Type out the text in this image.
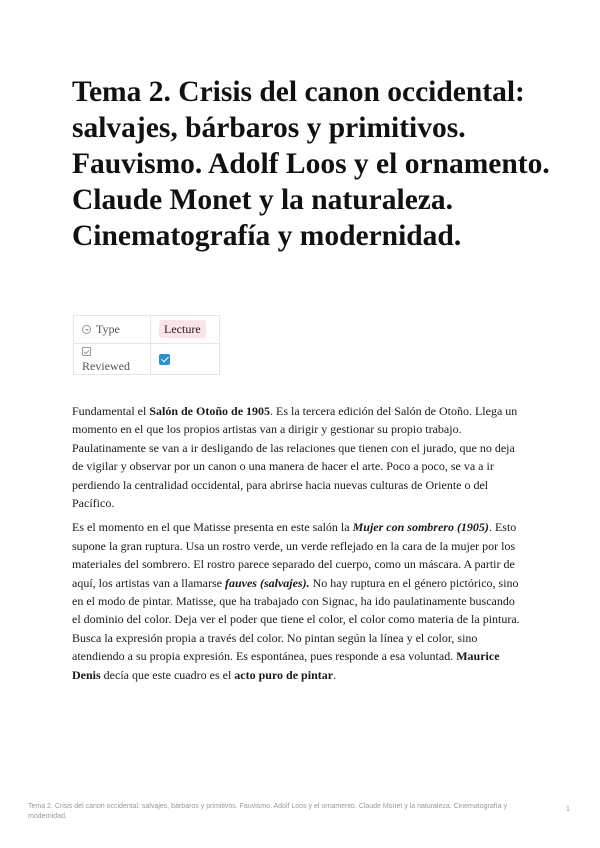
Tema 2. Crisis del canon occidental: salvajes, bárbaros y primitivos. Fauvismo. Adolf Loos y el ornamento. Claude Monet y la naturaleza. Cinematografía y modernidad.
Type	Lecture
Reviewed	

Fundamental el Salón de Otoño de 1905. Es la tercera edición del Salón de Otoño. Llega un momento en el que los propios artistas van a dirigir y gestionar su propio trabajo. Paulatinamente se van a ir desligando de las relaciones que tienen con el jurado, que no deja de vigilar y observar por un canon o una manera de hacer el arte. Poco a poco, se va a ir perdiendo la centralidad occidental, para abrirse hacia nuevas culturas de Oriente o del Pacífico.

Es el momento en el que Matisse presenta en este salón la Mujer con sombrero (1905). Esto supone la gran ruptura. Usa un rostro verde, un verde reflejado en la cara de la mujer por los materiales del sombrero. El rostro parece separado del cuerpo, como un máscara. A partir de aquí, los artistas van a llamarse fauves (salvajes). No hay ruptura en el género pictórico, sino en el modo de pintar. Matisse, que ha trabajado con Signac, ha ido paulatinamente buscando el dominio del color. Deja ver el poder que tiene el color, el color como materia de la pintura. Busca la expresión propia a través del color. No pintan según la línea y el color, sino atendiendo a su propia expresión. Es espontánea, pues responde a esa voluntad. Maurice Denis decía que este cuadro es el acto puro de pintar.

Tema 2. Crisis del canon occidental: salvajes, bárbaros y primitivos. Fauvismo. Adolf Loos y el ornamento. Claude Monet y la naturaleza. Cinematografía y modernidad.
1
